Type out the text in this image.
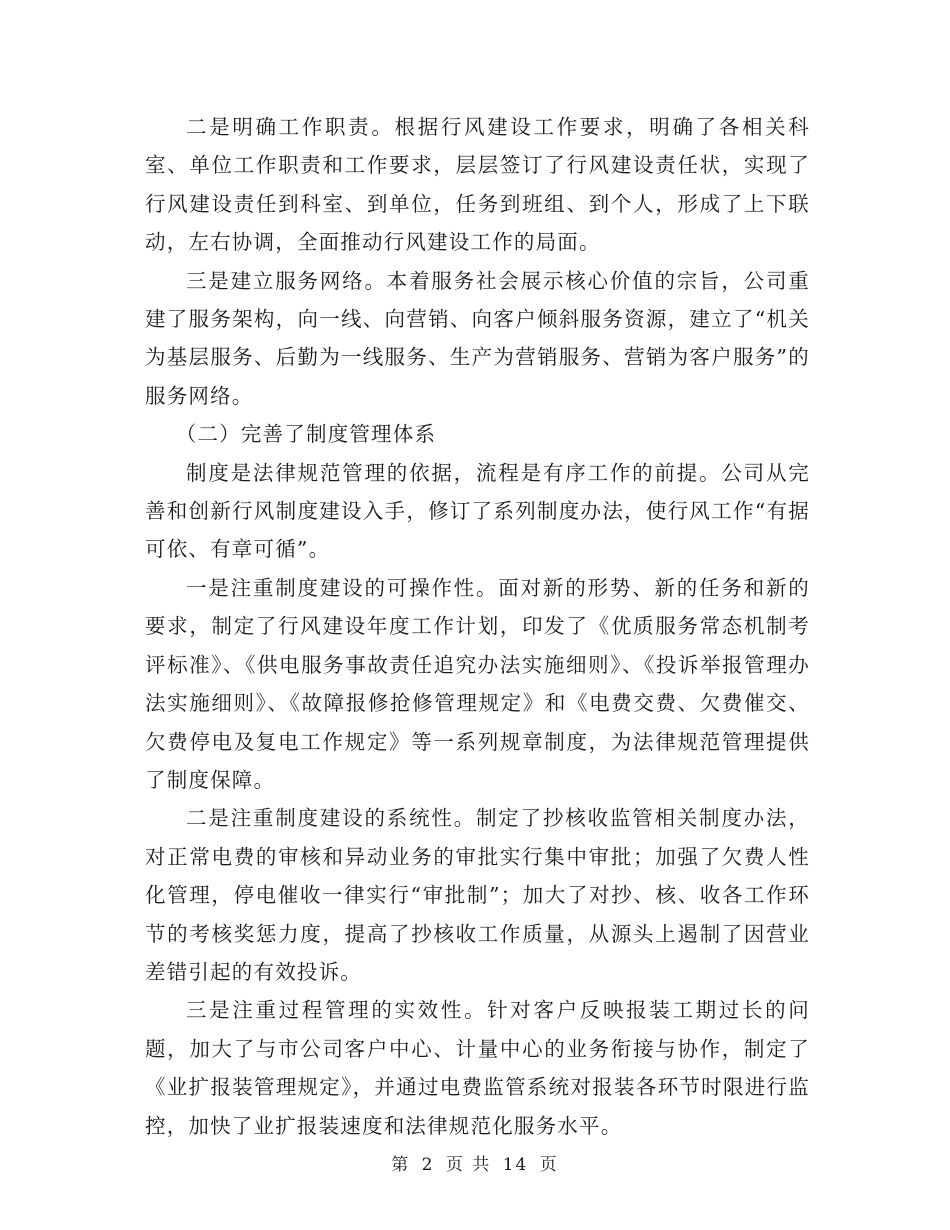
二是明确工作职责。根据行风建设工作要求，明确了各相关科室、单位工作职责和工作要求，层层签订了行风建设责任状，实现了行风建设责任到科室、到单位，任务到班组、到个人，形成了上下联动，左右协调，全面推动行风建设工作的局面。

三是建立服务网络。本着服务社会展示核心价值的宗旨，公司重建了服务架构，向一线、向营销、向客户倾斜服务资源，建立了“机关为基层服务、后勤为一线服务、生产为营销服务、营销为客户服务”的服务网络。

（二）完善了制度管理体系

制度是法律规范管理的依据，流程是有序工作的前提。公司从完善和创新行风制度建设入手，修订了系列制度办法，使行风工作“有据可依、有章可循”。

一是注重制度建设的可操作性。面对新的形势、新的任务和新的要求，制定了行风建设年度工作计划，印发了《优质服务常态机制考评标准》、《供电服务事故责任追究办法实施细则》、《投诉举报管理办法实施细则》、《故障报修抢修管理规定》和《电费交费、欠费催交、欠费停电及复电工作规定》等一系列规章制度，为法律规范管理提供了制度保障。

二是注重制度建设的系统性。制定了抄核收监管相关制度办法，对正常电费的审核和异动业务的审批实行集中审批；加强了欠费人性化管理，停电催收一律实行“审批制”；加大了对抄、核、收各工作环节的考核奖惩力度，提高了抄核收工作质量，从源头上遏制了因营业差错引起的有效投诉。

三是注重过程管理的实效性。针对客户反映报装工期过长的问题，加大了与市公司客户中心、计量中心的业务衔接与协作，制定了《业扩报装管理规定》，并通过电费监管系统对报装各环节时限进行监控，加快了业扩报装速度和法律规范化服务水平。

第 2 页 共 14 页
